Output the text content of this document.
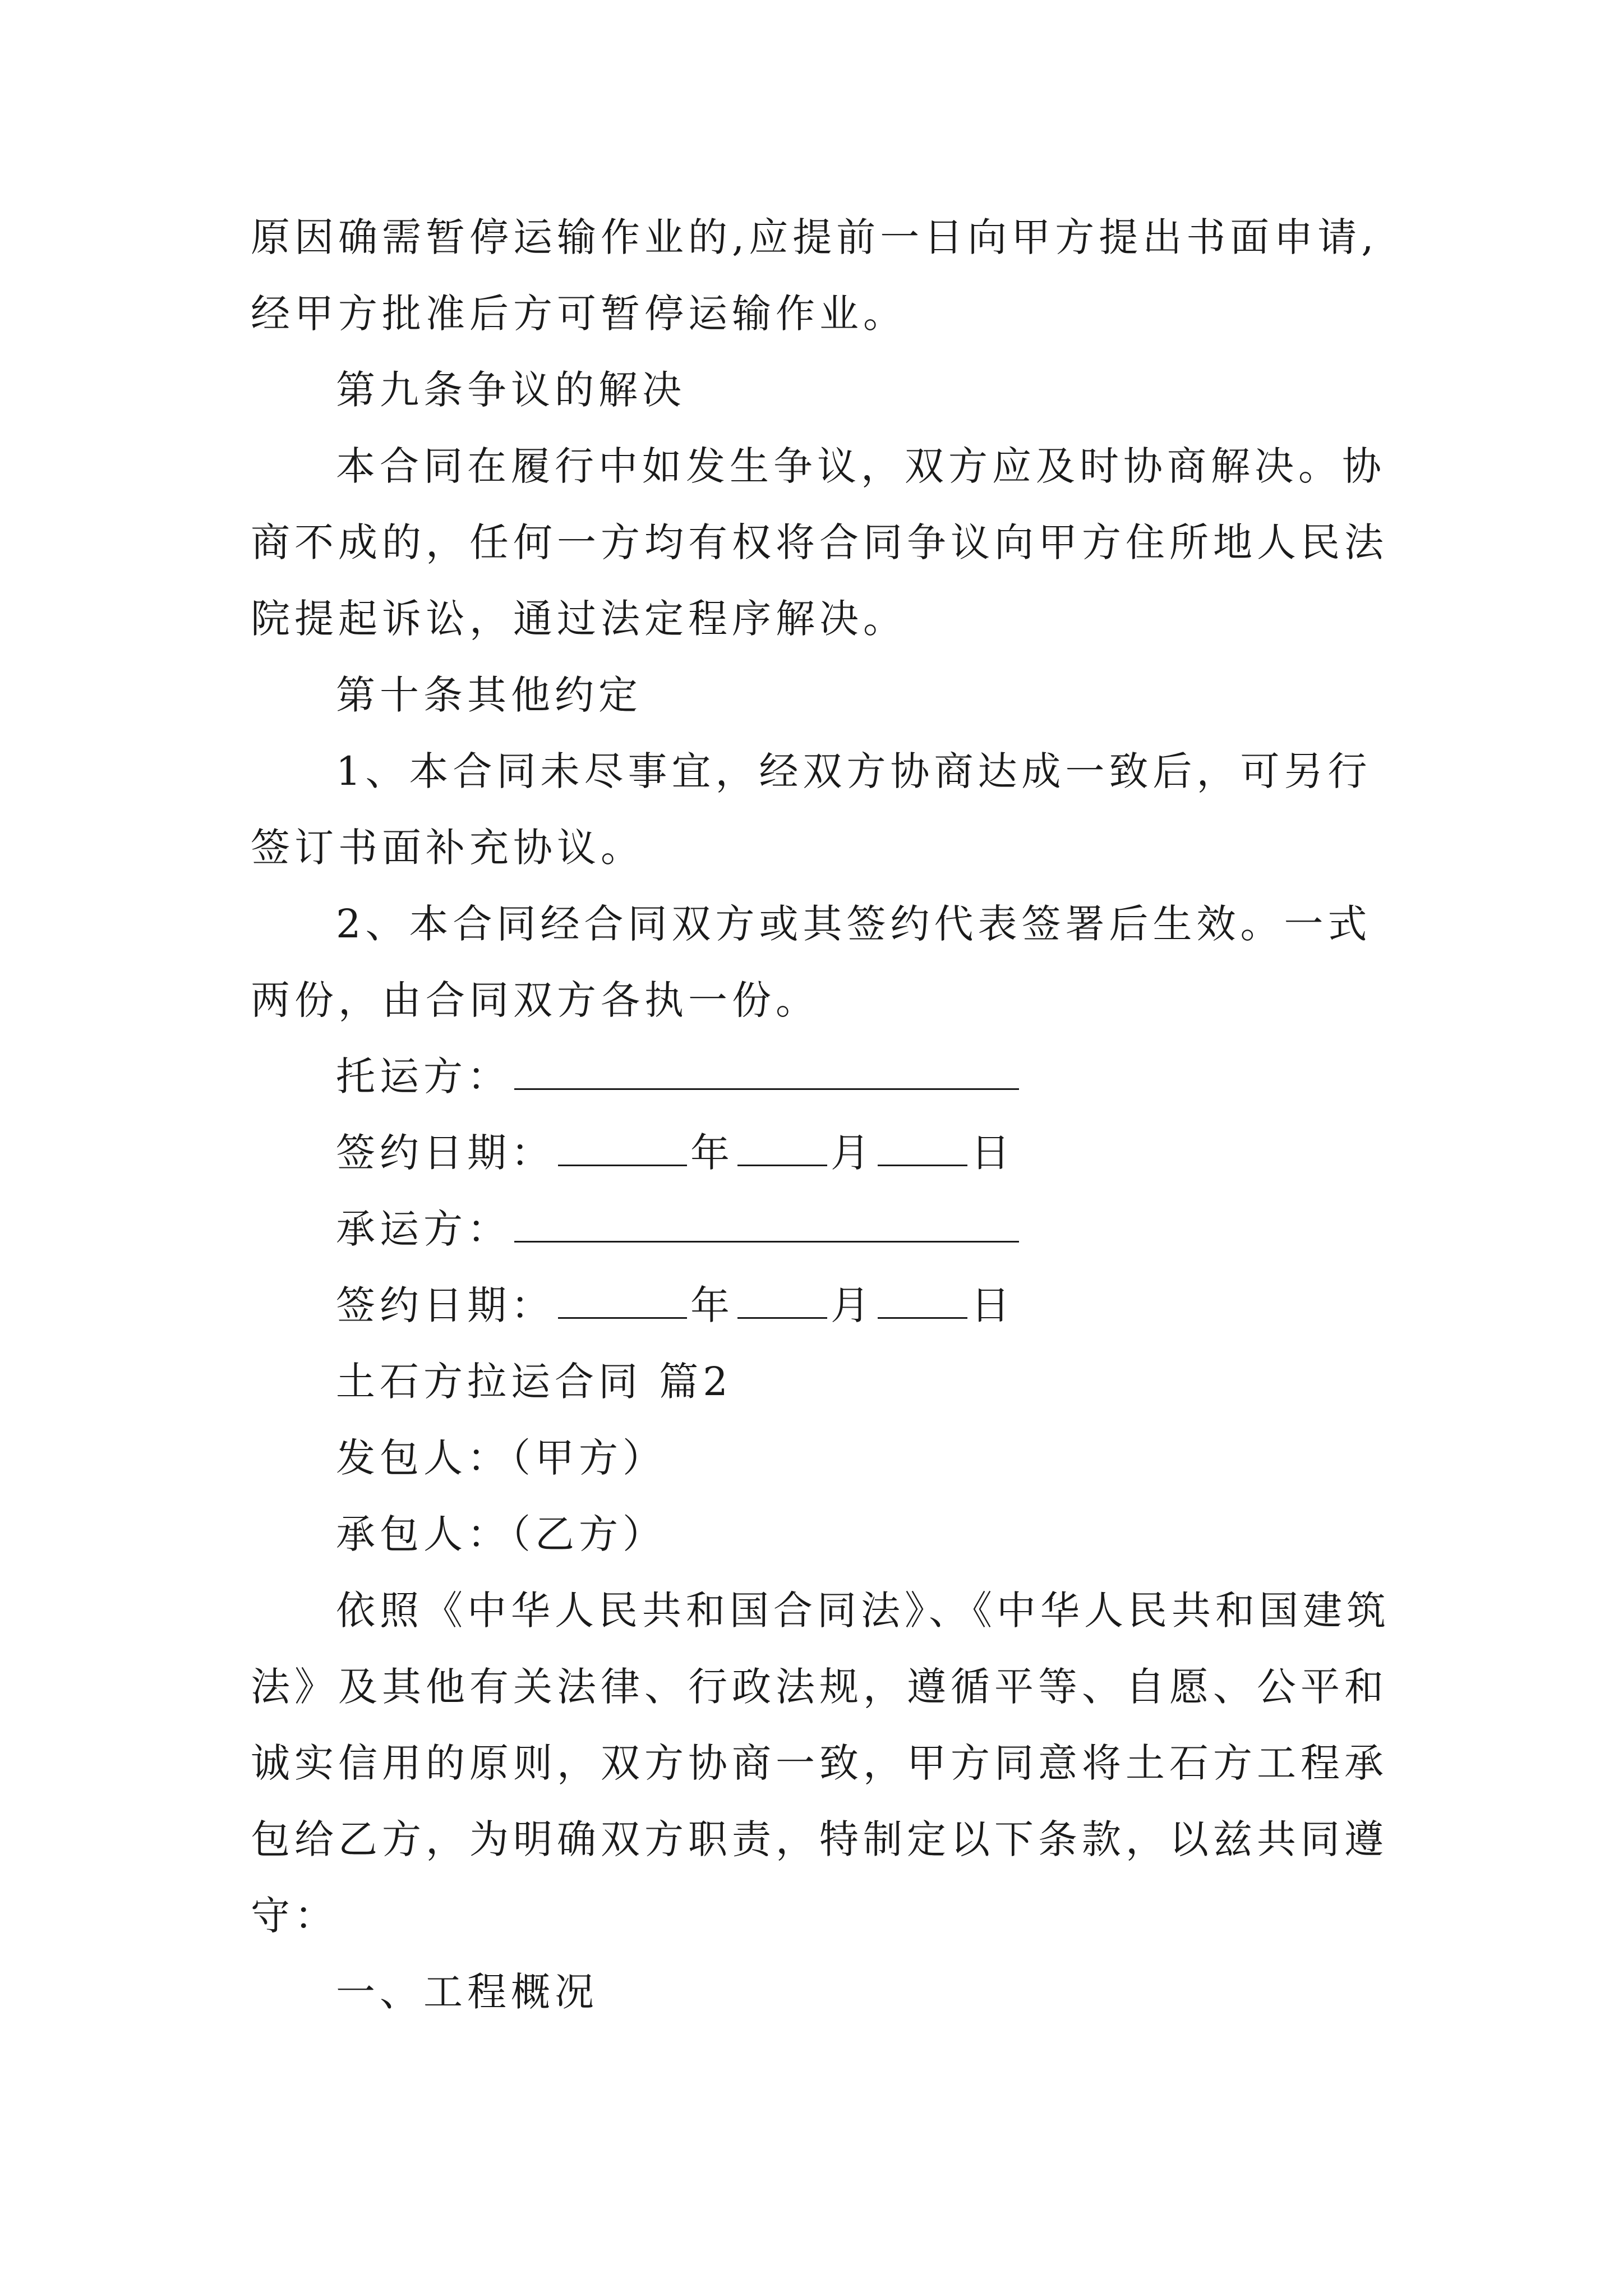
原因确需暂停运输作业的,应提前一日向甲方提出书面申请,
经甲方批准后方可暂停运输作业。
第九条争议的解决
本合同在履行中如发生争议，双方应及时协商解决。协
商不成的，任何一方均有权将合同争议向甲方住所地人民法
院提起诉讼，通过法定程序解决。
第十条其他约定
1、本合同未尽事宜，经双方协商达成一致后，可另行
签订书面补充协议。
2、本合同经合同双方或其签约代表签署后生效。一式
两份，由合同双方各执一份。
托运方：
签约日期：	年 月 日
承运方：
签约日期：	年 月 日
土石方拉运合同 篇2
发包人：（甲方）
承包人：（乙方）
依照《中华人民共和国合同法》、《中华人民共和国建筑
法》及其他有关法律、行政法规，遵循平等、自愿、公平和
诚实信用的原则，双方协商一致，甲方同意将土石方工程承
包给乙方，为明确双方职责，特制定以下条款，以兹共同遵
守：
一、工程概况
